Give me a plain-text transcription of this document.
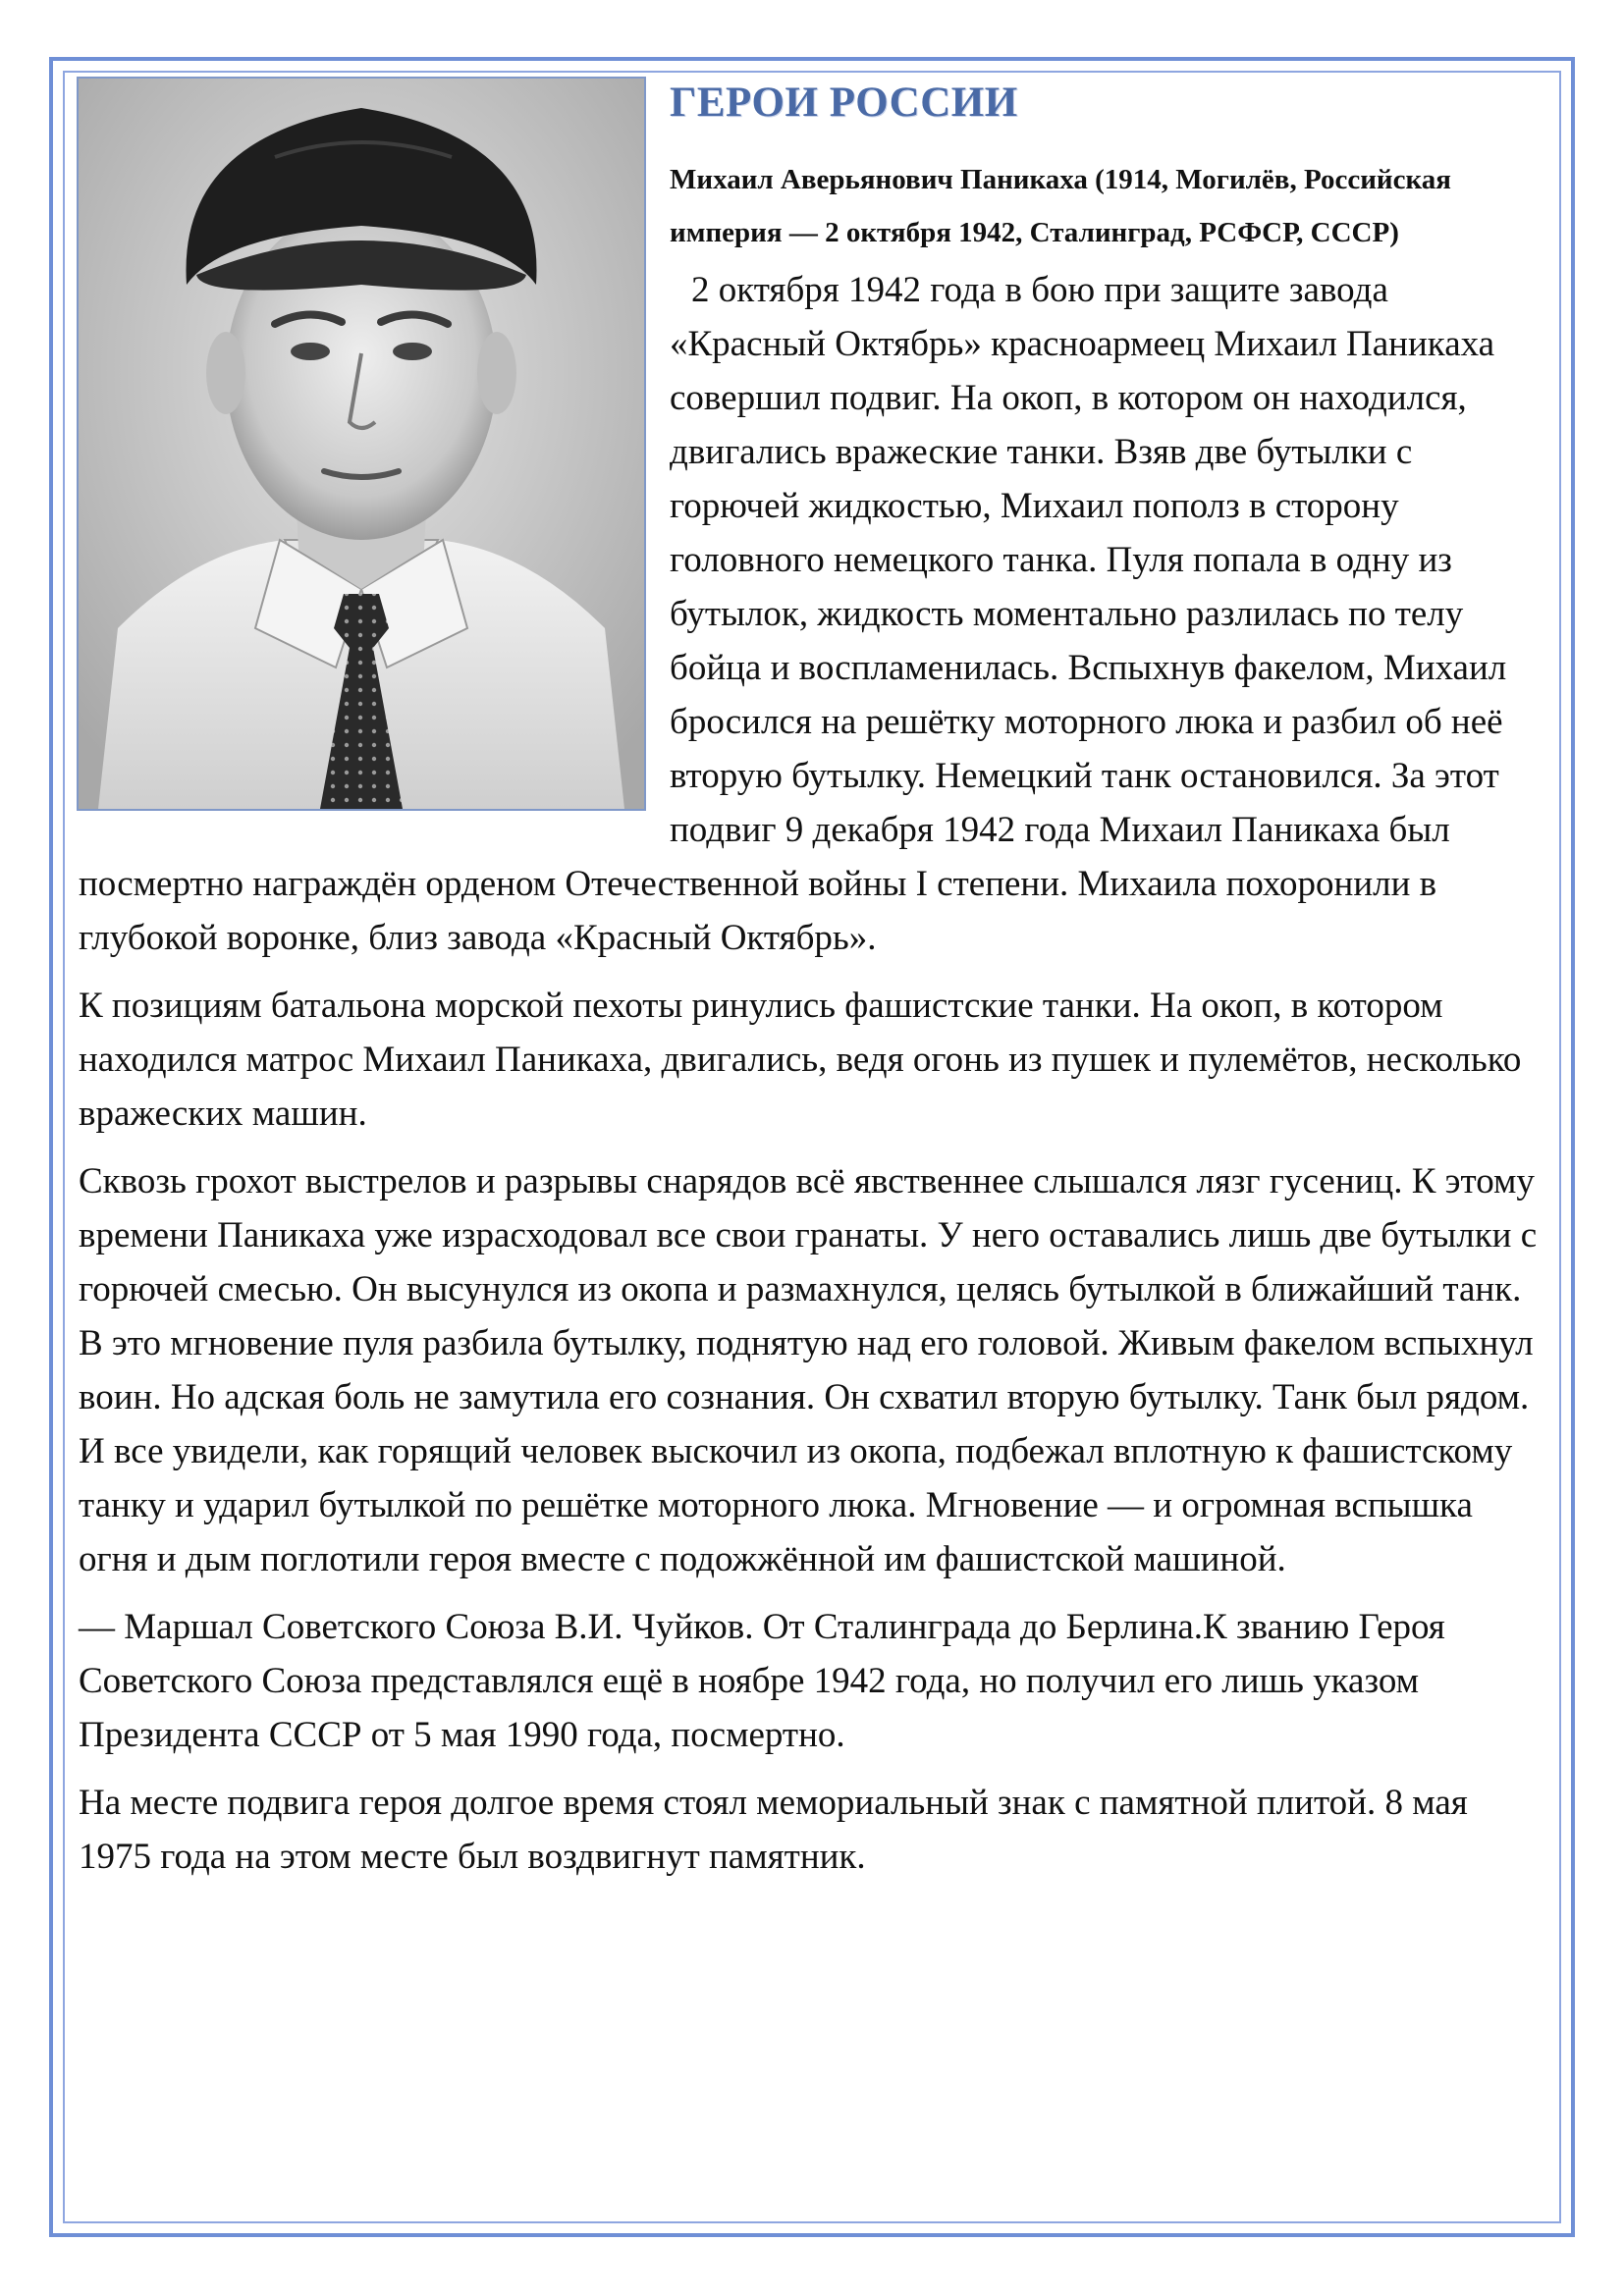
ГЕРОИ РОССИИ

Михаил Аверьянович Паникаха (1914, Могилёв, Российская империя — 2 октября 1942, Сталинград, РСФСР, СССР)

2 октября 1942 года в бою при защите завода «Красный Октябрь» красноармеец Михаил Паникаха совершил подвиг. На окоп, в котором он находился, двигались вражеские танки. Взяв две бутылки с горючей жидкостью, Михаил пополз в сторону головного немецкого танка. Пуля попала в одну из бутылок, жидкость моментально разлилась по телу бойца и воспламенилась. Вспыхнув факелом, Михаил бросился на решётку моторного люка и разбил об неё вторую бутылку. Немецкий танк остановился. За этот подвиг 9 декабря 1942 года Михаил Паникаха был посмертно награждён орденом Отечественной войны I степени. Михаила похоронили в глубокой воронке, близ завода «Красный Октябрь».

К позициям батальона морской пехоты ринулись фашистские танки. На окоп, в котором находился матрос Михаил Паникаха, двигались, ведя огонь из пушек и пулемётов, несколько вражеских машин.

Сквозь грохот выстрелов и разрывы снарядов всё явственнее слышался лязг гусениц. К этому времени Паникаха уже израсходовал все свои гранаты. У него оставались лишь две бутылки с горючей смесью. Он высунулся из окопа и размахнулся, целясь бутылкой в ближайший танк. В это мгновение пуля разбила бутылку, поднятую над его головой. Живым факелом вспыхнул воин. Но адская боль не замутила его сознания. Он схватил вторую бутылку. Танк был рядом. И все увидели, как горящий человек выскочил из окопа, подбежал вплотную к фашистскому танку и ударил бутылкой по решётке моторного люка. Мгновение — и огромная вспышка огня и дым поглотили героя вместе с подожжённой им фашистской машиной.

— Маршал Советского Союза В.И. Чуйков. От Сталинграда до Берлина.К званию Героя Советского Союза представлялся ещё в ноябре 1942 года, но получил его лишь указом Президента СССР от 5 мая 1990 года, посмертно.

На месте подвига героя долгое время стоял мемориальный знак с памятной плитой. 8 мая 1975 года на этом месте был воздвигнут памятник.
